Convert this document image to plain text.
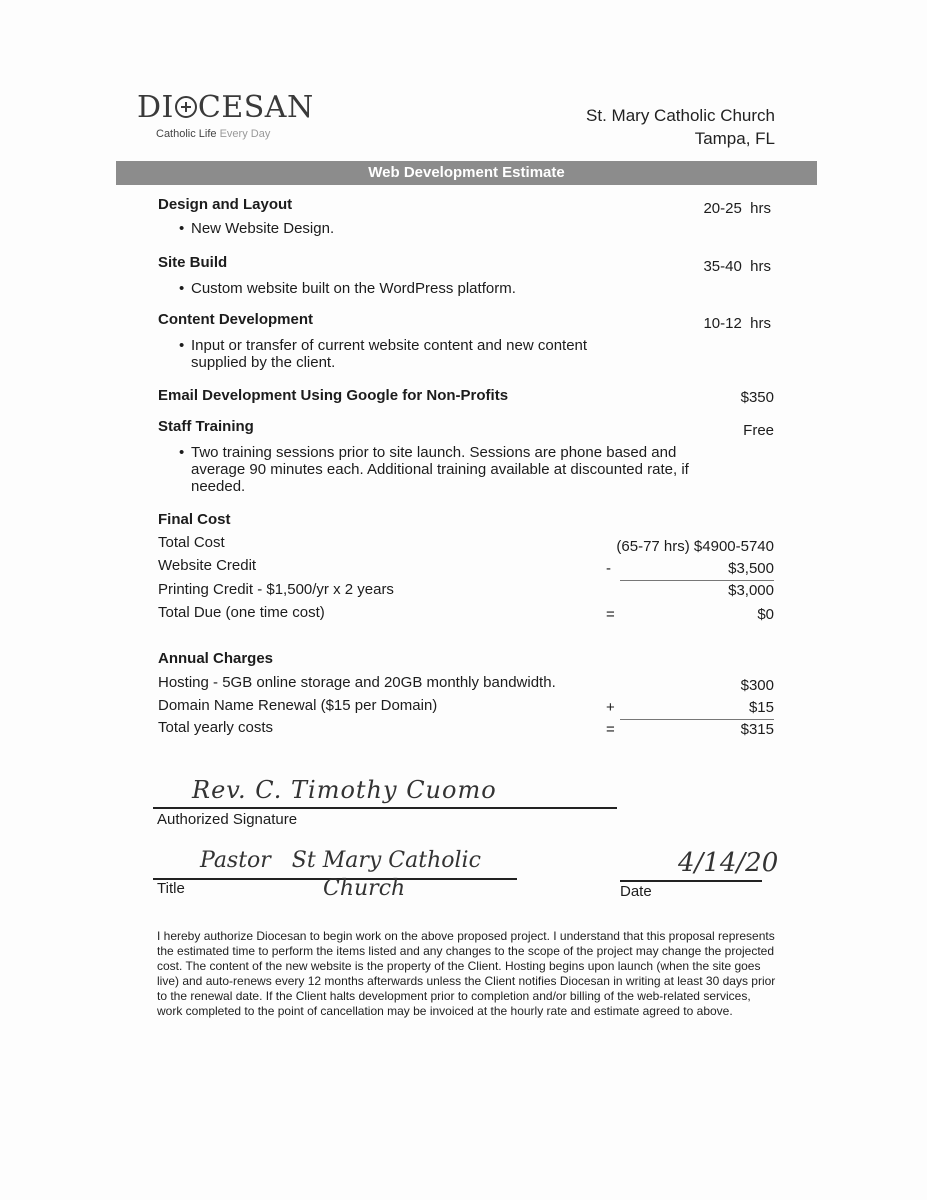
DI CESAN
Catholic Life Every Day
St. Mary Catholic Church
Tampa, FL
Web Development Estimate
Design and Layout	20-25  hrs
• New Website Design.
Site Build	35-40  hrs
• Custom website built on the WordPress platform.
Content Development	10-12  hrs
• Input or transfer of current website content and new content supplied by the client.
Email Development Using Google for Non-Profits	$350
Staff Training	Free
• Two training sessions prior to site launch. Sessions are phone based and average 90 minutes each. Additional training available at discounted rate, if needed.
Final Cost
Total Cost	(65-77 hrs) $4900-5740
Website Credit	-	$3,500
Printing Credit - $1,500/yr x 2 years	$3,000
Total Due (one time cost)	=	$0
Annual Charges
Hosting - 5GB online storage and 20GB monthly bandwidth.	$300
Domain Name Renewal ($15 per Domain)	+	$15
Total yearly costs	=	$315
Rev. C. Timothy Cuomo
Authorized Signature
Pastor   St Mary Catholic
Title	Church
4/14/20
Date
I hereby authorize Diocesan to begin work on the above proposed project. I understand that this proposal represents the estimated time to perform the items listed and any changes to the scope of the project may change the projected cost. The content of the new website is the property of the Client. Hosting begins upon launch (when the site goes live) and auto-renews every 12 months afterwards unless the Client notifies Diocesan in writing at least 30 days prior to the renewal date. If the Client halts development prior to completion and/or billing of the web-related services, work completed to the point of cancellation may be invoiced at the hourly rate and estimate agreed to above.
